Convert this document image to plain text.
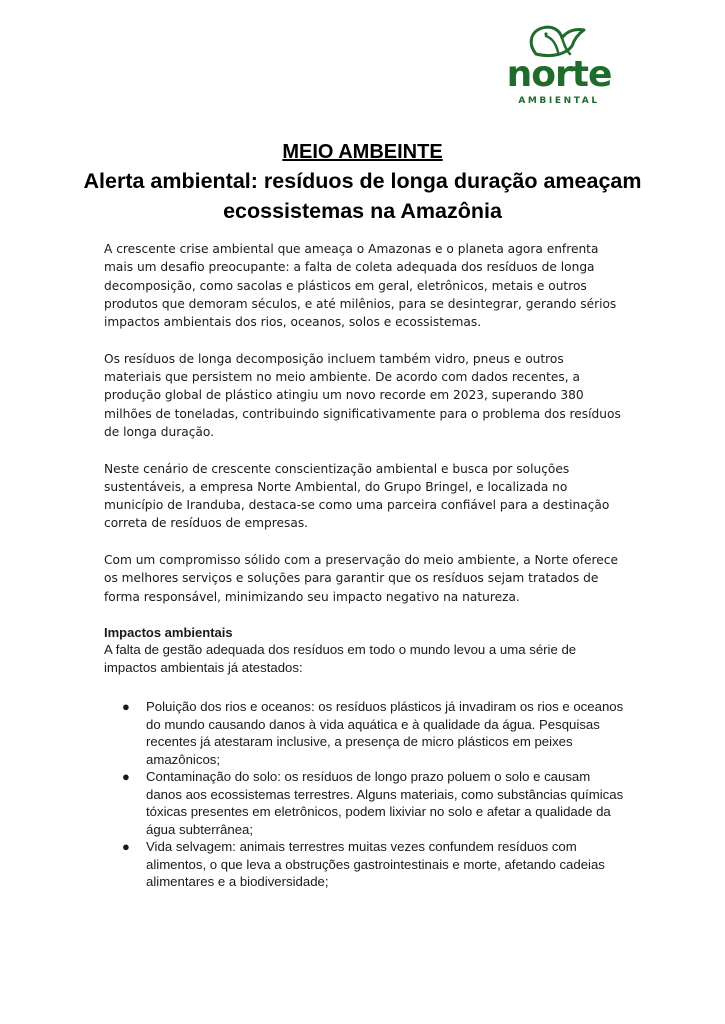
norte
AMBIENTAL
MEIO AMBEINTE
Alerta ambiental: resíduos de longa duração ameaçam ecossistemas na Amazônia

A crescente crise ambiental que ameaça o Amazonas e o planeta agora enfrenta mais um desafio preocupante: a falta de coleta adequada dos resíduos de longa decomposição, como sacolas e plásticos em geral, eletrônicos, metais e outros produtos que demoram séculos, e até milênios, para se desintegrar, gerando sérios impactos ambientais dos rios, oceanos, solos e ecossistemas.

Os resíduos de longa decomposição incluem também vidro, pneus e outros materiais que persistem no meio ambiente. De acordo com dados recentes, a produção global de plástico atingiu um novo recorde em 2023, superando 380 milhões de toneladas, contribuindo significativamente para o problema dos resíduos de longa duração.

Neste cenário de crescente conscientização ambiental e busca por soluções sustentáveis, a empresa Norte Ambiental, do Grupo Bringel, e localizada no município de Iranduba, destaca-se como uma parceira confiável para a destinação correta de resíduos de empresas.

Com um compromisso sólido com a preservação do meio ambiente, a Norte oferece os melhores serviços e soluções para garantir que os resíduos sejam tratados de forma responsável, minimizando seu impacto negativo na natureza.

Impactos ambientais

A falta de gestão adequada dos resíduos em todo o mundo levou a uma série de impactos ambientais já atestados:

● Poluição dos rios e oceanos: os resíduos plásticos já invadiram os rios e oceanos do mundo causando danos à vida aquática e à qualidade da água. Pesquisas recentes já atestaram inclusive, a presença de micro plásticos em peixes amazônicos;
● Contaminação do solo: os resíduos de longo prazo poluem o solo e causam danos aos ecossistemas terrestres. Alguns materiais, como substâncias químicas tóxicas presentes em eletrônicos, podem lixiviar no solo e afetar a qualidade da água subterrânea;
● Vida selvagem: animais terrestres muitas vezes confundem resíduos com alimentos, o que leva a obstruções gastrointestinais e morte, afetando cadeias alimentares e a biodiversidade;
